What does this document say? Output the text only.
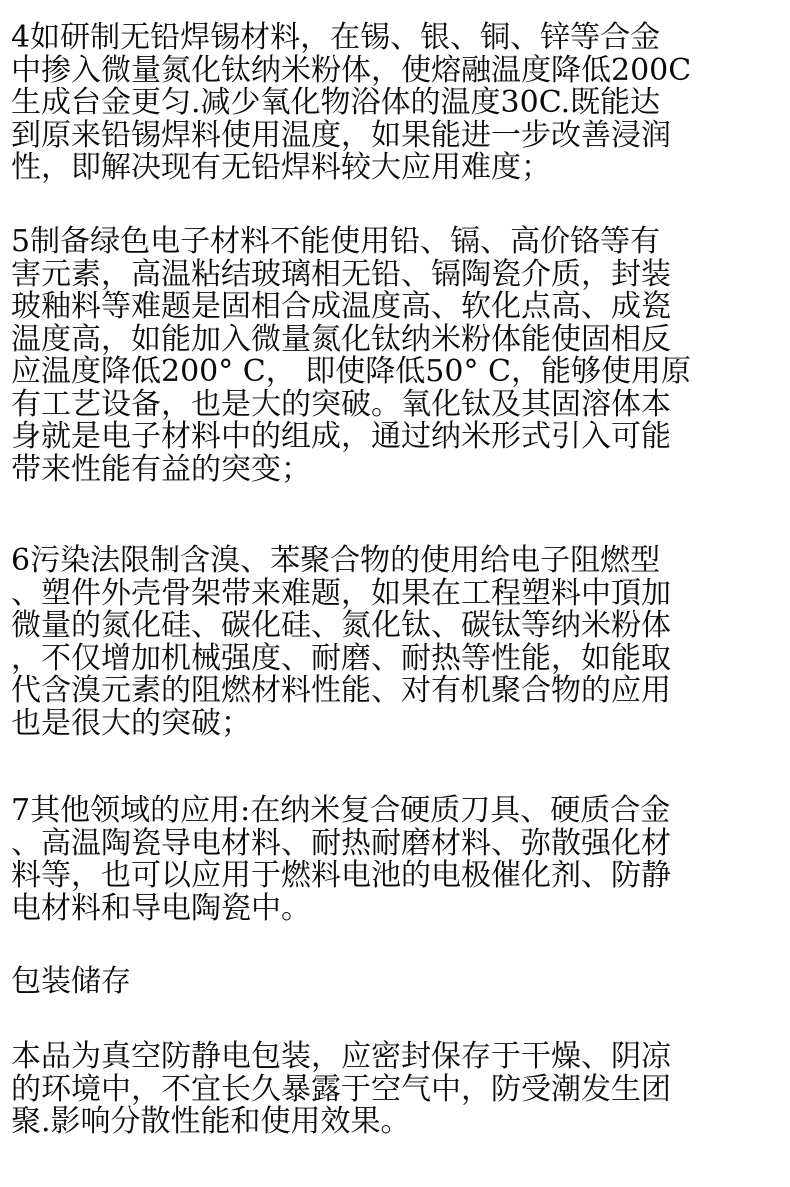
4如研制无铅焊锡材料，在锡、银、铜、锌等合金
中掺入微量氮化钛纳米粉体，使熔融温度降低200C
生成台金更匀.减少氧化物浴体的温度30C.既能达
到原来铅锡焊料使用温度，如果能进一步改善浸润
性，即解决现有无铅焊料较大应用难度；

5制备绿色电子材料不能使用铅、镉、高价铬等有
害元素，高温粘结玻璃相无铅、镉陶瓷介质，封装
玻釉料等难题是固相合成温度高、软化点高、成瓷
温度高，如能加入微量氮化钛纳米粉体能使固相反
应温度降低200° C， 即使降低50° C，能够使用原
有工艺设备，也是大的突破。氧化钛及其固溶体本
身就是电子材料中的组成，通过纳米形式引入可能
带来性能有益的突变；

6污染法限制含溴、苯聚合物的使用给电子阻燃型
、塑件外壳骨架带来难题，如果在工程塑料中頂加
微量的氮化硅、碳化硅、氮化钛、碳钛等纳米粉体
，不仅增加机械强度、耐磨、耐热等性能，如能取
代含溴元素的阻燃材料性能、对有机聚合物的应用
也是很大的突破；

7其他领域的应用:在纳米复合硬质刀具、硬质合金
、高温陶瓷导电材料、耐热耐磨材料、弥散强化材
料等，也可以应用于燃料电池的电极催化剂、防静
电材料和导电陶瓷中。

包装储存

本品为真空防静电包装，应密封保存于干燥、阴凉
的环境中，不宜长久暴露于空气中，防受潮发生团
聚.影响分散性能和使用效果。
